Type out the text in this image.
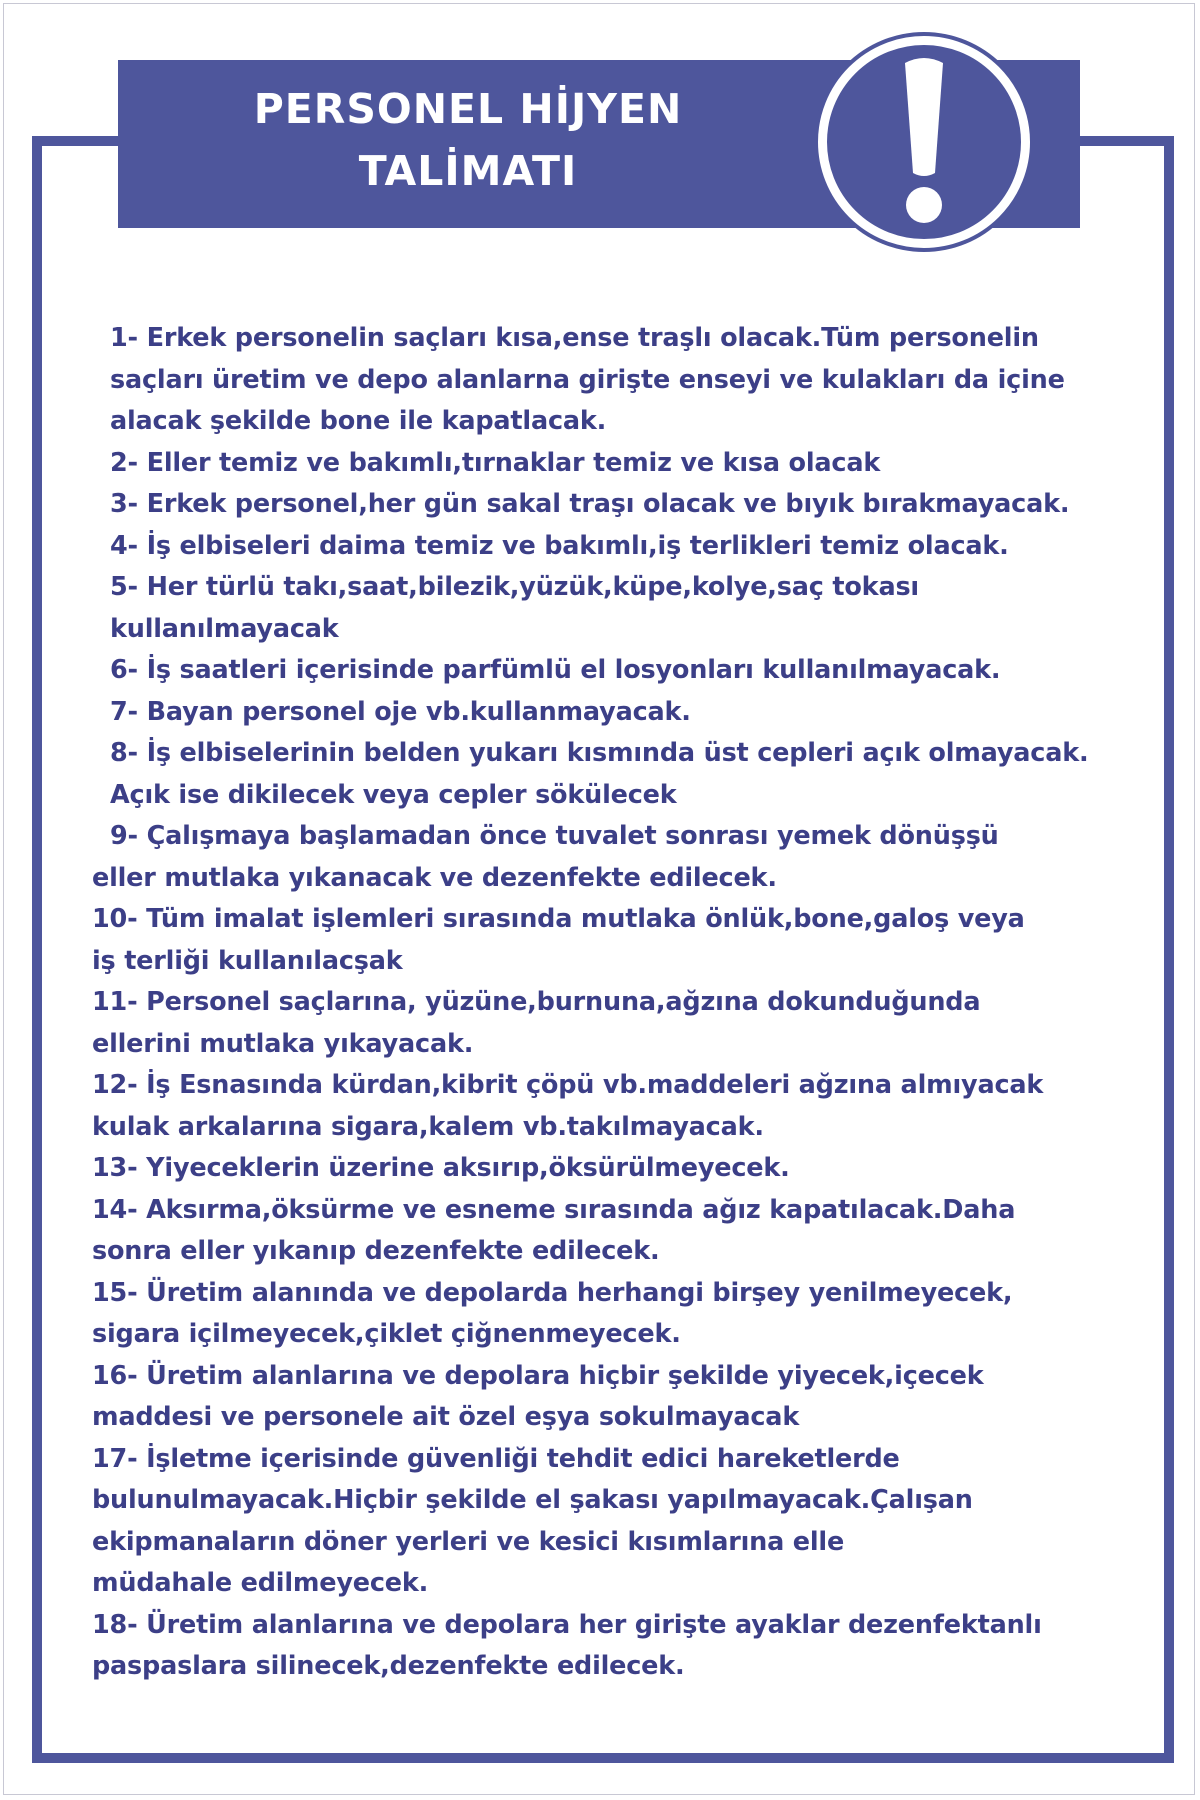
PERSONEL HİJYEN
TALİMATI
1- Erkek personelin saçları kısa,ense traşlı olacak.Tüm personelin
saçları üretim ve depo alanlarna girişte enseyi ve kulakları da içine
alacak şekilde bone ile kapatlacak.
2- Eller temiz ve bakımlı,tırnaklar temiz ve kısa olacak
3- Erkek personel,her gün sakal traşı olacak ve bıyık bırakmayacak.
4- İş elbiseleri daima temiz ve bakımlı,iş terlikleri temiz olacak.
5- Her türlü takı,saat,bilezik,yüzük,küpe,kolye,saç tokası
kullanılmayacak
6- İş saatleri içerisinde parfümlü el losyonları kullanılmayacak.
7- Bayan personel oje vb.kullanmayacak.
8- İş elbiselerinin belden yukarı kısmında üst cepleri açık olmayacak.
Açık ise dikilecek veya cepler sökülecek
9- Çalışmaya başlamadan önce tuvalet sonrası yemek dönüşşü
eller mutlaka yıkanacak ve dezenfekte edilecek.
10- Tüm imalat işlemleri sırasında mutlaka önlük,bone,galoş veya
iş terliği kullanılacşak
11- Personel saçlarına, yüzüne,burnuna,ağzına dokunduğunda
ellerini mutlaka yıkayacak.
12- İş Esnasında kürdan,kibrit çöpü vb.maddeleri ağzına almıyacak
kulak arkalarına sigara,kalem vb.takılmayacak.
13- Yiyeceklerin üzerine aksırıp,öksürülmeyecek.
14- Aksırma,öksürme ve esneme sırasında ağız kapatılacak.Daha
sonra eller yıkanıp dezenfekte edilecek.
15- Üretim alanında ve depolarda herhangi birşey yenilmeyecek,
sigara içilmeyecek,çiklet çiğnenmeyecek.
16- Üretim alanlarına ve depolara hiçbir şekilde yiyecek,içecek
maddesi ve personele ait özel eşya sokulmayacak
17- İşletme içerisinde güvenliği tehdit edici hareketlerde
bulunulmayacak.Hiçbir şekilde el şakası yapılmayacak.Çalışan
ekipmanaların döner yerleri ve kesici kısımlarına elle
müdahale edilmeyecek.
18- Üretim alanlarına ve depolara her girişte ayaklar dezenfektanlı
paspaslara silinecek,dezenfekte edilecek.
